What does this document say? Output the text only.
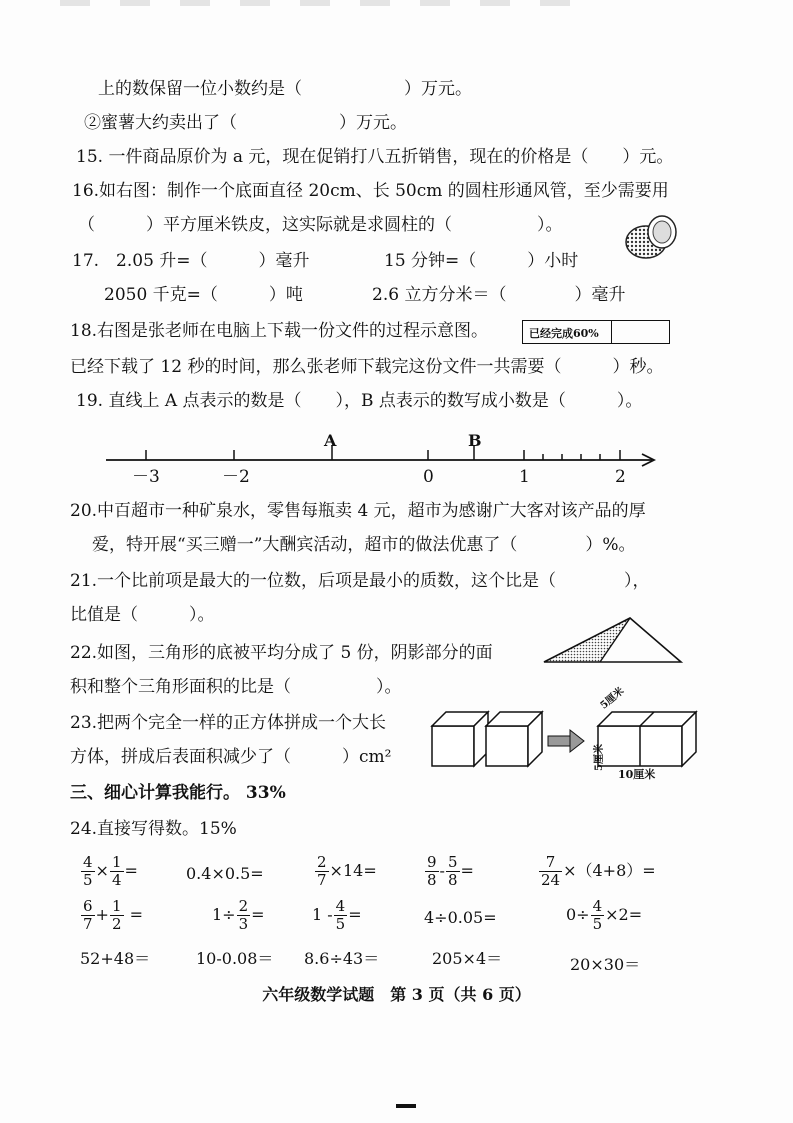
上的数保留一位小数约是（　　　　　　）万元。
②蜜薯大约卖出了（　　　　　　）万元。
15. 一件商品原价为 a 元，现在促销打八五折销售，现在的价格是（　　）元。
16.如右图：制作一个底面直径 20cm、长 50cm 的圆柱形通风管，至少需要用
（　　　）平方厘米铁皮，这实际就是求圆柱的（　　　　　）。
17.　2.05 升=（　　　）毫升	15 分钟=（　　　）小时
2050 千克=（　　　）吨	2.6 立方分米＝（　　　　）毫升
18.右图是张老师在电脑上下载一份文件的过程示意图。	已经完成60%
已经下载了 12 秒的时间，那么张老师下载完这份文件一共需要（　　　）秒。
19. 直线上 A 点表示的数是（　　），B 点表示的数写成小数是（　　　）。
A	B
－3	－2	0	1	2
20.中百超市一种矿泉水，零售每瓶卖 4 元，超市为感谢广大客对该产品的厚
爱，特开展“买三赠一”大酬宾活动，超市的做法优惠了（　　　　）%。
21.一个比前项是最大的一位数，后项是最小的质数，这个比是（　　　　），
比值是（　　　）。
22.如图，三角形的底被平均分成了 5 份，阴影部分的面
积和整个三角形面积的比是（　　　　　）。
23.把两个完全一样的正方体拼成一个大长
方体，拼成后表面积减少了（　　　）cm²
5厘米
5厘米
10厘米
三、细心计算我能行。 33%
24.直接写得数。15%
$\frac{4}{5} \times \frac{1}{4}$ =	0.4×0.5=	$\frac{2}{7} \times 14=$	$\frac{9}{8} - \frac{5}{8}$ =	$\frac{7}{24} \times(4+8)=$
$\frac{6}{7} + \frac{1}{2}$ =	$1\div \frac{2}{3}$ =	$1 - \frac{4}{5}$ =	4÷0.05=	$0\div \frac{4}{5} \times 2=$
52+48＝	10-0.08＝ 8.6÷43＝	205×4＝	20×30＝
六年级数学试题　第 3 页（共 6 页）
